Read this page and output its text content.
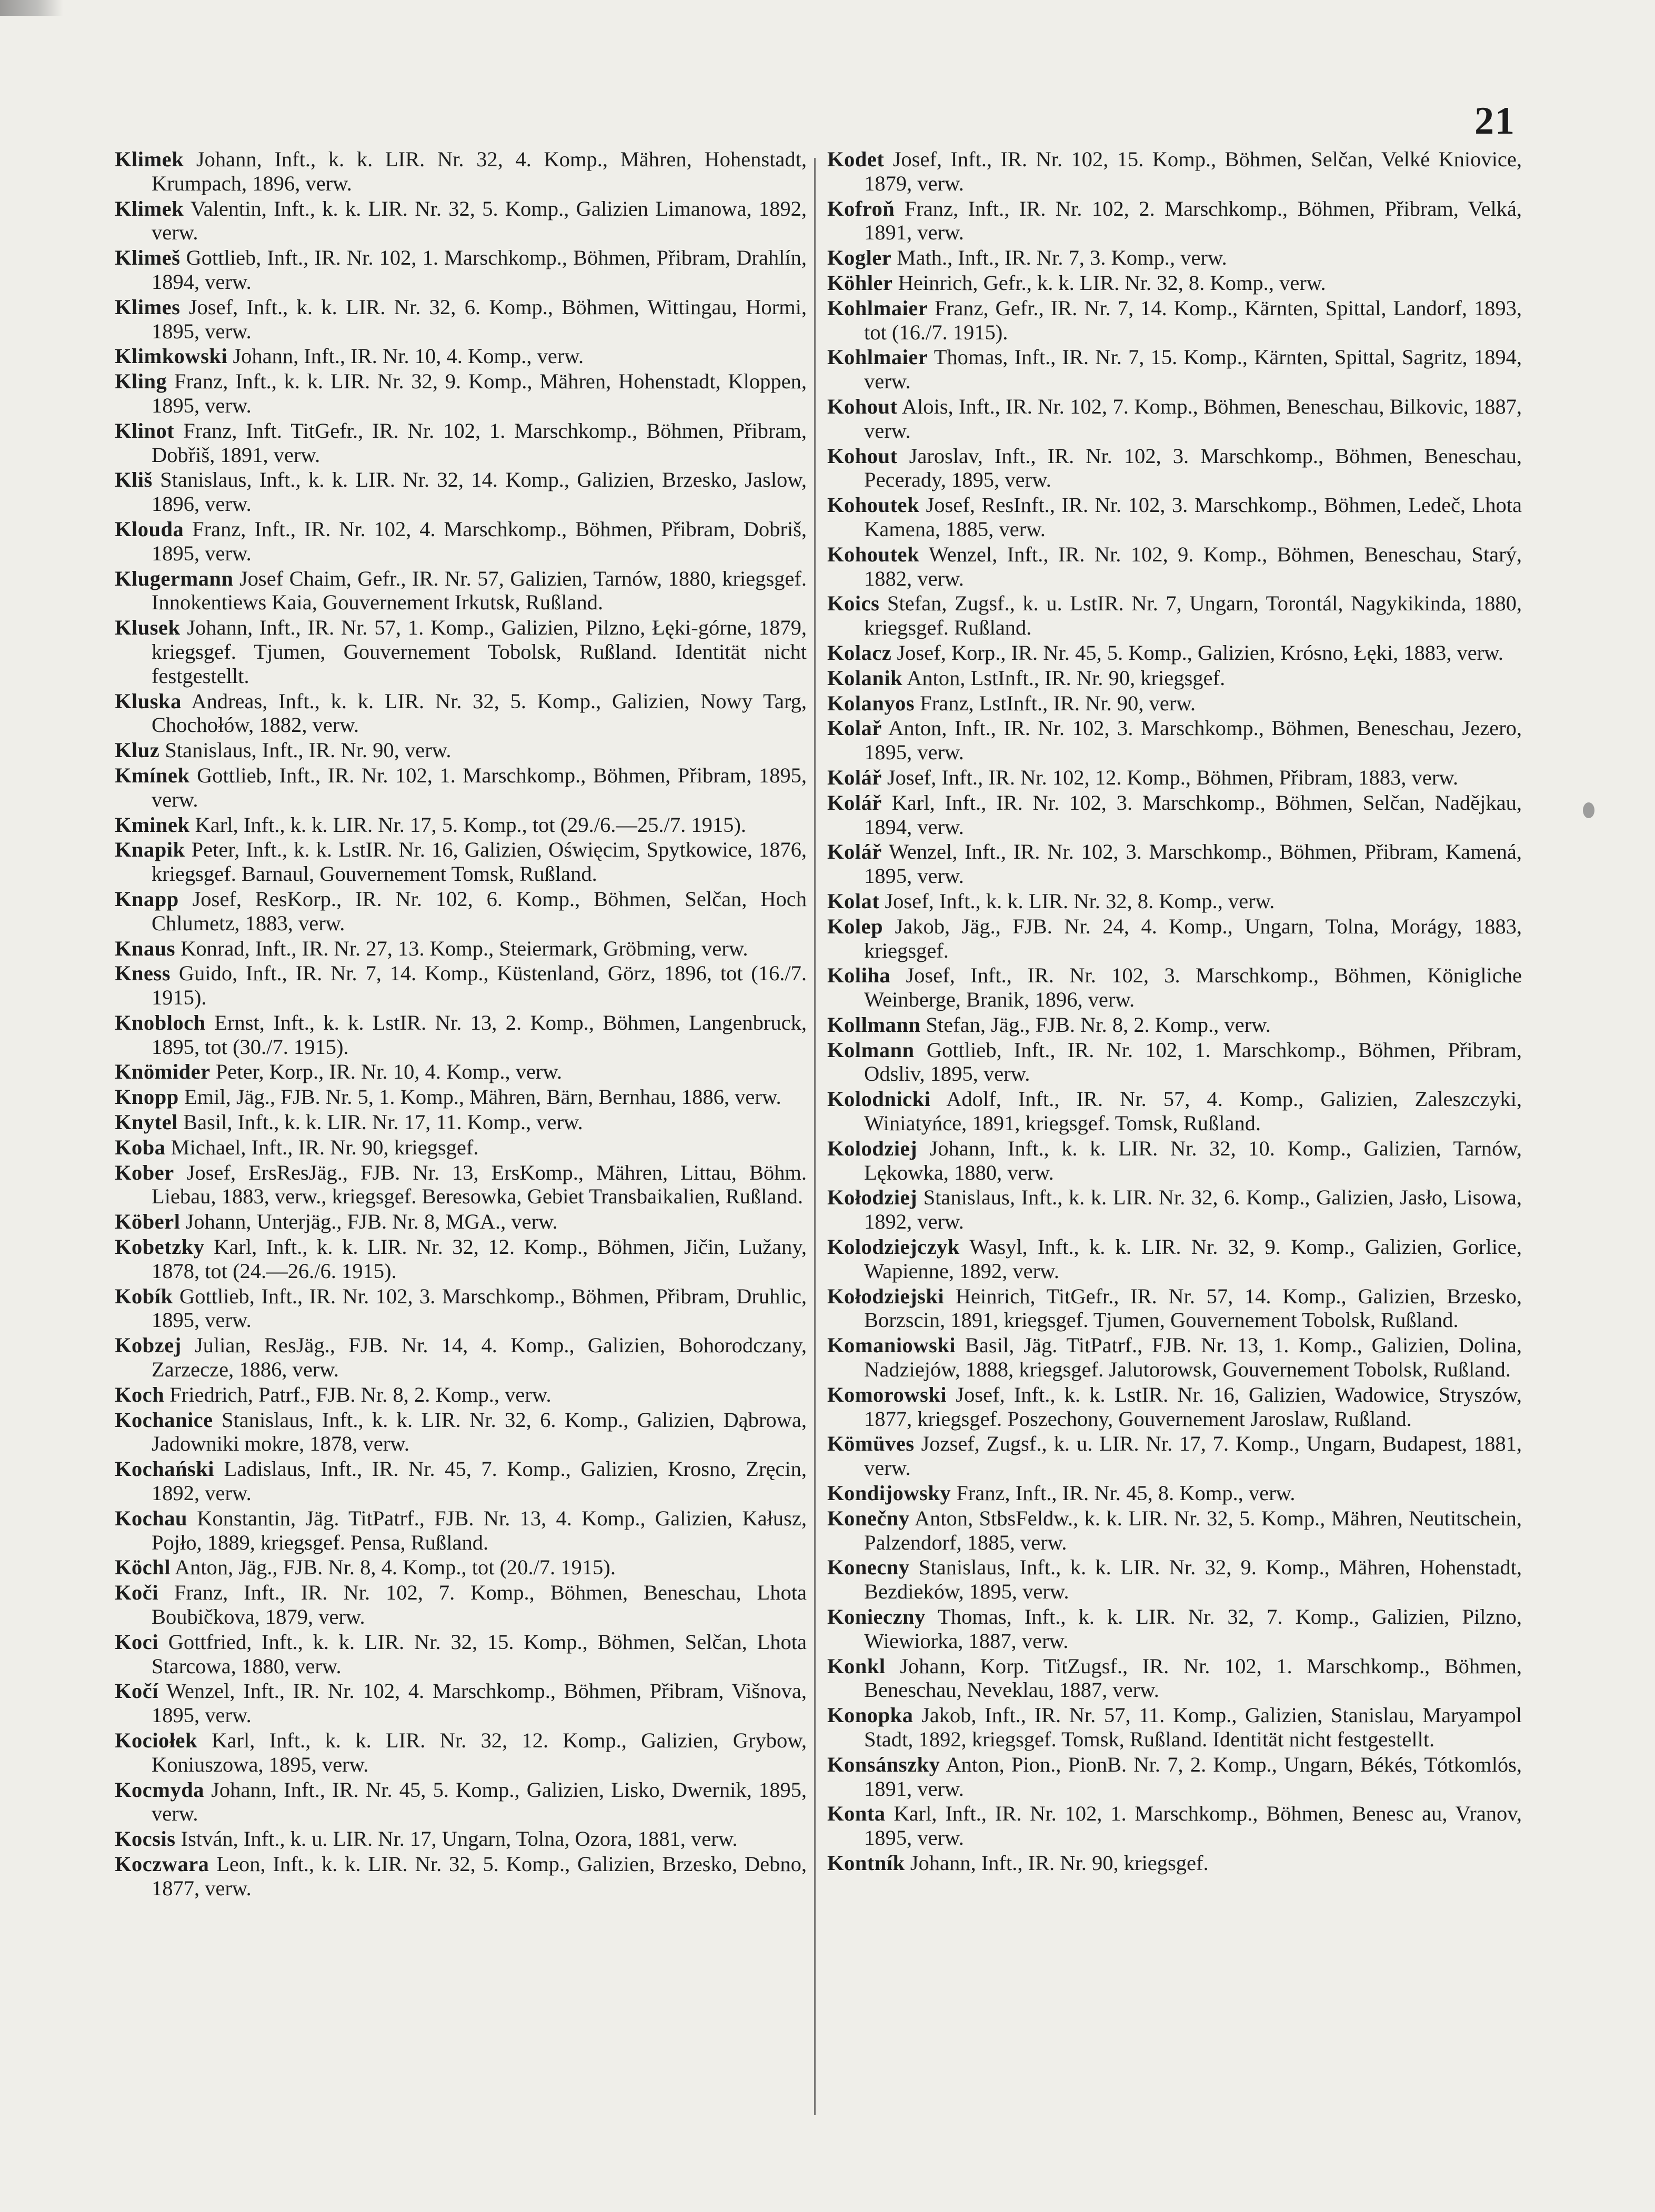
21

Klimek Johann, Inft., k. k. LIR. Nr. 32, 4. Komp., Mähren, Hohenstadt, Krumpach, 1896, verw.

Klimek Valentin, Inft., k. k. LIR. Nr. 32, 5. Komp., Galizien Limanowa, 1892, verw.

Klimeš Gottlieb, Inft., IR. Nr. 102, 1. Marschkomp., Böhmen, Přibram, Drahlín, 1894, verw.

Klimes Josef, Inft., k. k. LIR. Nr. 32, 6. Komp., Böhmen, Wittingau, Hormi, 1895, verw.

Klimkowski Johann, Inft., IR. Nr. 10, 4. Komp., verw.

Kling Franz, Inft., k. k. LIR. Nr. 32, 9. Komp., Mähren, Hohenstadt, Kloppen, 1895, verw.

Klinot Franz, Inft. TitGefr., IR. Nr. 102, 1. Marschkomp., Böhmen, Přibram, Dobřiš, 1891, verw.

Kliš Stanislaus, Inft., k. k. LIR. Nr. 32, 14. Komp., Galizien, Brzesko, Jaslow, 1896, verw.

Klouda Franz, Inft., IR. Nr. 102, 4. Marschkomp., Böhmen, Přibram, Dobriš, 1895, verw.

Klugermann Josef Chaim, Gefr., IR. Nr. 57, Galizien, Tarnów, 1880, kriegsgef. Innokentiews Kaia, Gouvernement Irkutsk, Rußland.

Klusek Johann, Inft., IR. Nr. 57, 1. Komp., Galizien, Pilzno, Łęki-górne, 1879, kriegsgef. Tjumen, Gouvernement Tobolsk, Rußland. Identität nicht festgestellt.

Kluska Andreas, Inft., k. k. LIR. Nr. 32, 5. Komp., Galizien, Nowy Targ, Chochołów, 1882, verw.

Kluz Stanislaus, Inft., IR. Nr. 90, verw.

Kmínek Gottlieb, Inft., IR. Nr. 102, 1. Marschkomp., Böhmen, Přibram, 1895, verw.

Kminek Karl, Inft., k. k. LIR. Nr. 17, 5. Komp., tot (29./6.—25./7. 1915).

Knapik Peter, Inft., k. k. LstIR. Nr. 16, Galizien, Oświęcim, Spytkowice, 1876, kriegsgef. Barnaul, Gouvernement Tomsk, Rußland.

Knapp Josef, ResKorp., IR. Nr. 102, 6. Komp., Böhmen, Selčan, Hoch Chlumetz, 1883, verw.

Knaus Konrad, Inft., IR. Nr. 27, 13. Komp., Steiermark, Gröbming, verw.

Kness Guido, Inft., IR. Nr. 7, 14. Komp., Küstenland, Görz, 1896, tot (16./7. 1915).

Knobloch Ernst, Inft., k. k. LstIR. Nr. 13, 2. Komp., Böhmen, Langenbruck, 1895, tot (30./7. 1915).

Knömider Peter, Korp., IR. Nr. 10, 4. Komp., verw.

Knopp Emil, Jäg., FJB. Nr. 5, 1. Komp., Mähren, Bärn, Bernhau, 1886, verw.

Knytel Basil, Inft., k. k. LIR. Nr. 17, 11. Komp., verw.

Koba Michael, Inft., IR. Nr. 90, kriegsgef.

Kober Josef, ErsResJäg., FJB. Nr. 13, ErsKomp., Mähren, Littau, Böhm. Liebau, 1883, verw., kriegsgef. Beresowka, Gebiet Transbaikalien, Rußland.

Köberl Johann, Unterjäg., FJB. Nr. 8, MGA., verw.

Kobetzky Karl, Inft., k. k. LIR. Nr. 32, 12. Komp., Böhmen, Jičin, Lužany, 1878, tot (24.—26./6. 1915).

Kobík Gottlieb, Inft., IR. Nr. 102, 3. Marschkomp., Böhmen, Přibram, Druhlic, 1895, verw.

Kobzej Julian, ResJäg., FJB. Nr. 14, 4. Komp., Galizien, Bohorodczany, Zarzecze, 1886, verw.

Koch Friedrich, Patrf., FJB. Nr. 8, 2. Komp., verw.

Kochanice Stanislaus, Inft., k. k. LIR. Nr. 32, 6. Komp., Galizien, Dąbrowa, Jadowniki mokre, 1878, verw.

Kochański Ladislaus, Inft., IR. Nr. 45, 7. Komp., Galizien, Krosno, Zręcin, 1892, verw.

Kochau Konstantin, Jäg. TitPatrf., FJB. Nr. 13, 4. Komp., Galizien, Kałusz, Pojło, 1889, kriegsgef. Pensa, Rußland.

Köchl Anton, Jäg., FJB. Nr. 8, 4. Komp., tot (20./7. 1915).

Koči Franz, Inft., IR. Nr. 102, 7. Komp., Böhmen, Beneschau, Lhota Boubičkova, 1879, verw.

Koci Gottfried, Inft., k. k. LIR. Nr. 32, 15. Komp., Böhmen, Selčan, Lhota Starcowa, 1880, verw.

Kočí Wenzel, Inft., IR. Nr. 102, 4. Marschkomp., Böhmen, Přibram, Višnova, 1895, verw.

Kociołek Karl, Inft., k. k. LIR. Nr. 32, 12. Komp., Galizien, Grybow, Koniuszowa, 1895, verw.

Kocmyda Johann, Inft., IR. Nr. 45, 5. Komp., Galizien, Lisko, Dwernik, 1895, verw.

Kocsis István, Inft., k. u. LIR. Nr. 17, Ungarn, Tolna, Ozora, 1881, verw.

Koczwara Leon, Inft., k. k. LIR. Nr. 32, 5. Komp., Galizien, Brzesko, Debno, 1877, verw.

Kodet Josef, Inft., IR. Nr. 102, 15. Komp., Böhmen, Selčan, Velké Kniovice, 1879, verw.

Kofroň Franz, Inft., IR. Nr. 102, 2. Marschkomp., Böhmen, Přibram, Velká, 1891, verw.

Kogler Math., Inft., IR. Nr. 7, 3. Komp., verw.

Köhler Heinrich, Gefr., k. k. LIR. Nr. 32, 8. Komp., verw.

Kohlmaier Franz, Gefr., IR. Nr. 7, 14. Komp., Kärnten, Spittal, Landorf, 1893, tot (16./7. 1915).

Kohlmaier Thomas, Inft., IR. Nr. 7, 15. Komp., Kärnten, Spittal, Sagritz, 1894, verw.

Kohout Alois, Inft., IR. Nr. 102, 7. Komp., Böhmen, Beneschau, Bilkovic, 1887, verw.

Kohout Jaroslav, Inft., IR. Nr. 102, 3. Marschkomp., Böhmen, Beneschau, Pecerady, 1895, verw.

Kohoutek Josef, ResInft., IR. Nr. 102, 3. Marschkomp., Böhmen, Ledeč, Lhota Kamena, 1885, verw.

Kohoutek Wenzel, Inft., IR. Nr. 102, 9. Komp., Böhmen, Beneschau, Starý, 1882, verw.

Koics Stefan, Zugsf., k. u. LstIR. Nr. 7, Ungarn, Torontál, Nagykikinda, 1880, kriegsgef. Rußland.

Kolacz Josef, Korp., IR. Nr. 45, 5. Komp., Galizien, Krósno, Łęki, 1883, verw.

Kolanik Anton, LstInft., IR. Nr. 90, kriegsgef.

Kolanyos Franz, LstInft., IR. Nr. 90, verw.

Kolař Anton, Inft., IR. Nr. 102, 3. Marschkomp., Böhmen, Beneschau, Jezero, 1895, verw.

Kolář Josef, Inft., IR. Nr. 102, 12. Komp., Böhmen, Přibram, 1883, verw.

Kolář Karl, Inft., IR. Nr. 102, 3. Marschkomp., Böhmen, Selčan, Nadějkau, 1894, verw.

Kolář Wenzel, Inft., IR. Nr. 102, 3. Marschkomp., Böhmen, Přibram, Kamená, 1895, verw.

Kolat Josef, Inft., k. k. LIR. Nr. 32, 8. Komp., verw.

Kolep Jakob, Jäg., FJB. Nr. 24, 4. Komp., Ungarn, Tolna, Morágy, 1883, kriegsgef.

Koliha Josef, Inft., IR. Nr. 102, 3. Marschkomp., Böhmen, Königliche Weinberge, Branik, 1896, verw.

Kollmann Stefan, Jäg., FJB. Nr. 8, 2. Komp., verw.

Kolmann Gottlieb, Inft., IR. Nr. 102, 1. Marschkomp., Böhmen, Přibram, Odsliv, 1895, verw.

Kolodnicki Adolf, Inft., IR. Nr. 57, 4. Komp., Galizien, Zaleszczyki, Winiatyńce, 1891, kriegsgef. Tomsk, Rußland.

Kolodziej Johann, Inft., k. k. LIR. Nr. 32, 10. Komp., Galizien, Tarnów, Lękowka, 1880, verw.

Kołodziej Stanislaus, Inft., k. k. LIR. Nr. 32, 6. Komp., Galizien, Jasło, Lisowa, 1892, verw.

Kolodziejczyk Wasyl, Inft., k. k. LIR. Nr. 32, 9. Komp., Galizien, Gorlice, Wapienne, 1892, verw.

Kołodziejski Heinrich, TitGefr., IR. Nr. 57, 14. Komp., Galizien, Brzesko, Borzscin, 1891, kriegsgef. Tjumen, Gouvernement Tobolsk, Rußland.

Komaniowski Basil, Jäg. TitPatrf., FJB. Nr. 13, 1. Komp., Galizien, Dolina, Nadziejów, 1888, kriegsgef. Jalutorowsk, Gouvernement Tobolsk, Rußland.

Komorowski Josef, Inft., k. k. LstIR. Nr. 16, Galizien, Wadowice, Stryszów, 1877, kriegsgef. Poszechony, Gouvernement Jaroslaw, Rußland.

Kömüves Jozsef, Zugsf., k. u. LIR. Nr. 17, 7. Komp., Ungarn, Budapest, 1881, verw.

Kondijowsky Franz, Inft., IR. Nr. 45, 8. Komp., verw.

Konečny Anton, StbsFeldw., k. k. LIR. Nr. 32, 5. Komp., Mähren, Neutitschein, Palzendorf, 1885, verw.

Konecny Stanislaus, Inft., k. k. LIR. Nr. 32, 9. Komp., Mähren, Hohenstadt, Bezdieków, 1895, verw.

Konieczny Thomas, Inft., k. k. LIR. Nr. 32, 7. Komp., Galizien, Pilzno, Wiewiorka, 1887, verw.

Konkl Johann, Korp. TitZugsf., IR. Nr. 102, 1. Marschkomp., Böhmen, Beneschau, Neveklau, 1887, verw.

Konopka Jakob, Inft., IR. Nr. 57, 11. Komp., Galizien, Stanislau, Maryampol Stadt, 1892, kriegsgef. Tomsk, Rußland. Identität nicht festgestellt.

Konsánszky Anton, Pion., PionB. Nr. 7, 2. Komp., Ungarn, Békés, Tótkomlós, 1891, verw.

Konta Karl, Inft., IR. Nr. 102, 1. Marschkomp., Böhmen, Benesc au, Vranov, 1895, verw.

Kontník Johann, Inft., IR. Nr. 90, kriegsgef.
